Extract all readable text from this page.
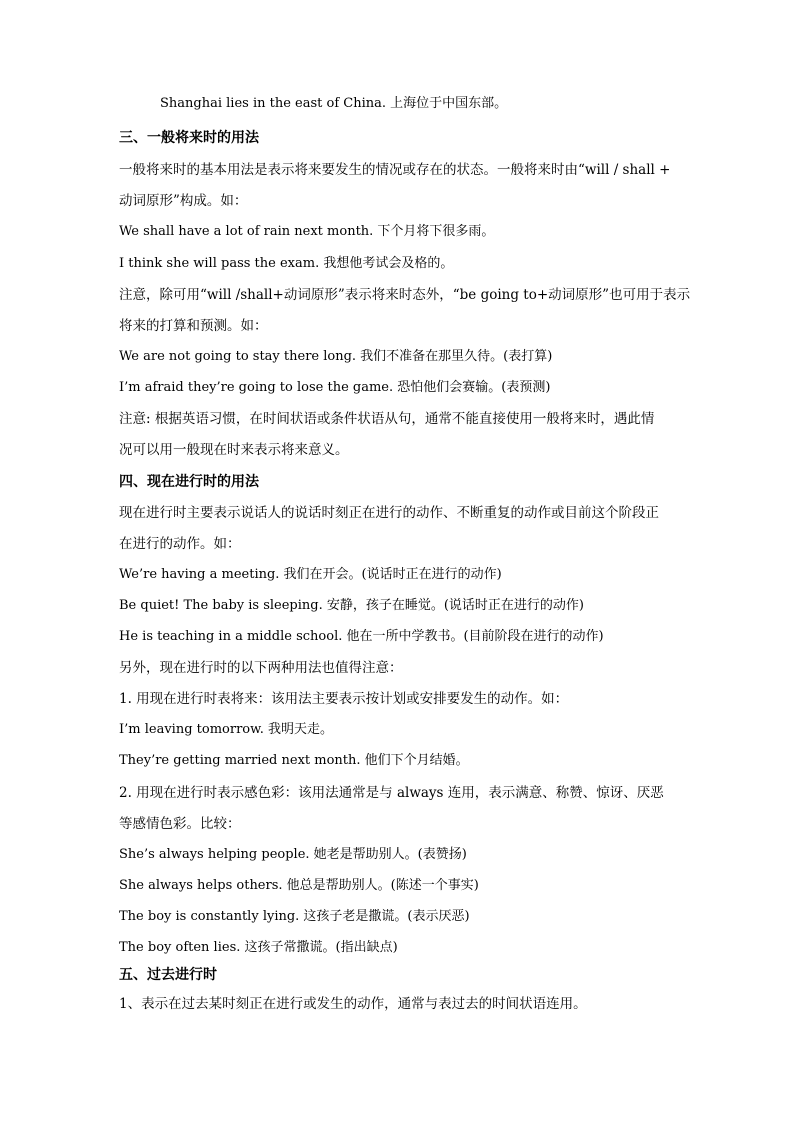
Shanghai lies in the east of China. 上海位于中国东部。
三、一般将来时的用法
一般将来时的基本用法是表示将来要发生的情况或存在的状态。一般将来时由“will / shall +
动词原形”构成。如：
We shall have a lot of rain next month. 下个月将下很多雨。
I think she will pass the exam. 我想他考试会及格的。
注意，除可用“will /shall+动词原形”表示将来时态外，“be going to+动词原形”也可用于表示
将来的打算和预测。如：
We are not going to stay there long. 我们不准备在那里久待。(表打算)
I’m afraid they’re going to lose the game. 恐怕他们会赛输。(表预测)
注意: 根据英语习惯，在时间状语或条件状语从句，通常不能直接使用一般将来时，遇此情
况可以用一般现在时来表示将来意义。
四、现在进行时的用法
现在进行时主要表示说话人的说话时刻正在进行的动作、不断重复的动作或目前这个阶段正
在进行的动作。如：
We’re having a meeting. 我们在开会。(说话时正在进行的动作)
Be quiet! The baby is sleeping. 安静，孩子在睡觉。(说话时正在进行的动作)
He is teaching in a middle school. 他在一所中学教书。(目前阶段在进行的动作)
另外，现在进行时的以下两种用法也值得注意：
1. 用现在进行时表将来：该用法主要表示按计划或安排要发生的动作。如：
I’m leaving tomorrow. 我明天走。
They’re getting married next month. 他们下个月结婚。
2. 用现在进行时表示感色彩：该用法通常是与 always 连用，表示满意、称赞、惊讶、厌恶
等感情色彩。比较：
She’s always helping people. 她老是帮助别人。(表赞扬)
She always helps others. 他总是帮助别人。(陈述一个事实)
The boy is constantly lying. 这孩子老是撒谎。(表示厌恶)
The boy often lies. 这孩子常撒谎。(指出缺点)
五、过去进行时
1、表示在过去某时刻正在进行或发生的动作，通常与表过去的时间状语连用。
